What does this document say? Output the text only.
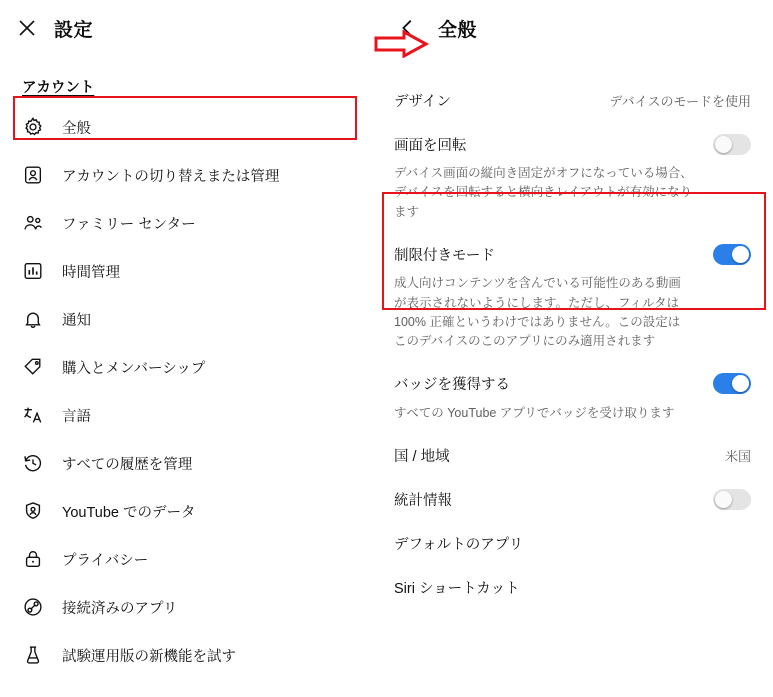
設定
アカウント
全般
アカウントの切り替えまたは管理
ファミリー センター
時間管理
通知
購入とメンバーシップ
言語
すべての履歴を管理
YouTube でのデータ
プライバシー
接続済みのアプリ
試験運用版の新機能を試す
全般
デザイン	デバイスのモードを使用
画面を回転
デバイス画面の縦向き固定がオフになっている場合、デバイスを回転すると横向きレイアウトが有効になります
制限付きモード
成人向けコンテンツを含んでいる可能性のある動画が表示されないようにします。ただし、フィルタは 100% 正確というわけではありません。この設定はこのデバイスのこのアプリにのみ適用されます
バッジを獲得する
すべての YouTube アプリでバッジを受け取ります
国 / 地域	米国
統計情報
デフォルトのアプリ
Siri ショートカット
